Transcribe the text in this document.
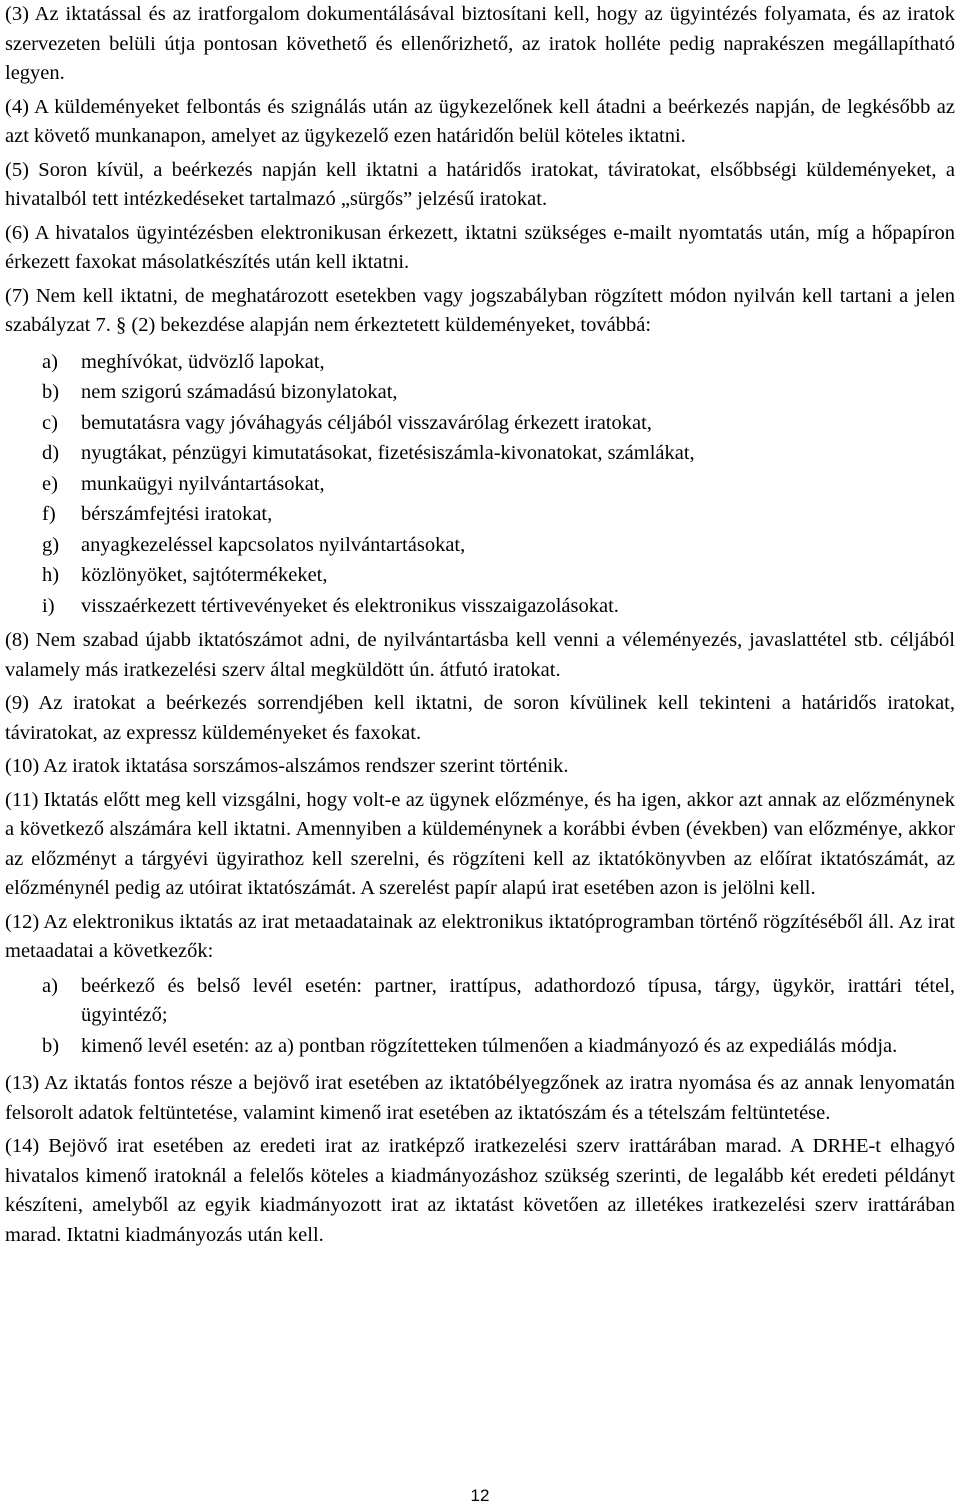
(3) Az iktatással és az iratforgalom dokumentálásával biztosítani kell, hogy az ügyintézés folyamata, és az iratok szervezeten belüli útja pontosan követhető és ellenőrizhető, az iratok holléte pedig naprakészen megállapítható legyen.

(4) A küldeményeket felbontás és szignálás után az ügykezelőnek kell átadni a beérkezés napján, de legkésőbb az azt követő munkanapon, amelyet az ügykezelő ezen határidőn belül köteles iktatni.

(5) Soron kívül, a beérkezés napján kell iktatni a határidős iratokat, táviratokat, elsőbbségi küldeményeket, a hivatalból tett intézkedéseket tartalmazó „sürgős” jelzésű iratokat.

(6) A hivatalos ügyintézésben elektronikusan érkezett, iktatni szükséges e-mailt nyomtatás után, míg a hőpapíron érkezett faxokat másolatkészítés után kell iktatni.

(7) Nem kell iktatni, de meghatározott esetekben vagy jogszabályban rögzített módon nyilván kell tartani a jelen szabályzat 7. § (2) bekezdése alapján nem érkeztetett küldeményeket, továbbá:

a)	meghívókat, üdvözlő lapokat,
b)	nem szigorú számadású bizonylatokat,
c)	bemutatásra vagy jóváhagyás céljából visszavárólag érkezett iratokat,
d)	nyugtákat, pénzügyi kimutatásokat, fizetésiszámla-kivonatokat, számlákat,
e)	munkaügyi nyilvántartásokat,
f)	bérszámfejtési iratokat,
g)	anyagkezeléssel kapcsolatos nyilvántartásokat,
h)	közlönyöket, sajtótermékeket,
i)	visszaérkezett tértivevényeket és elektronikus visszaigazolásokat.

(8) Nem szabad újabb iktatószámot adni, de nyilvántartásba kell venni a véleményezés, javaslattétel stb. céljából valamely más iratkezelési szerv által megküldött ún. átfutó iratokat.

(9) Az iratokat a beérkezés sorrendjében kell iktatni, de soron kívülinek kell tekinteni a határidős iratokat, táviratokat, az expressz küldeményeket és faxokat.

(10) Az iratok iktatása sorszámos-alszámos rendszer szerint történik.

(11) Iktatás előtt meg kell vizsgálni, hogy volt-e az ügynek előzménye, és ha igen, akkor azt annak az előzménynek a következő alszámára kell iktatni. Amennyiben a küldeménynek a korábbi évben (években) van előzménye, akkor az előzményt a tárgyévi ügyirathoz kell szerelni, és rögzíteni kell az iktatókönyvben az előírat iktatószámát, az előzménynél pedig az utóirat iktatószámát. A szerelést papír alapú irat esetében azon is jelölni kell.

(12) Az elektronikus iktatás az irat metaadatainak az elektronikus iktatóprogramban történő rögzítéséből áll. Az irat metaadatai a következők:

a)	beérkező és belső levél esetén: partner, irattípus, adathordozó típusa, tárgy, ügykör, irattári tétel, ügyintéző;
b)	kimenő levél esetén: az a) pontban rögzítetteken túlmenően a kiadmányozó és az expediálás módja.

(13) Az iktatás fontos része a bejövő irat esetében az iktatóbélyegzőnek az iratra nyomása és az annak lenyomatán felsorolt adatok feltüntetése, valamint kimenő irat esetében az iktatószám és a tételszám feltüntetése.

(14) Bejövő irat esetében az eredeti irat az iratképző iratkezelési szerv irattárában marad. A DRHE-t elhagyó hivatalos kimenő iratoknál a felelős köteles a kiadmányozáshoz szükség szerinti, de legalább két eredeti példányt készíteni, amelyből az egyik kiadmányozott irat az iktatást követően az illetékes iratkezelési szerv irattárában marad. Iktatni kiadmányozás után kell.

12
